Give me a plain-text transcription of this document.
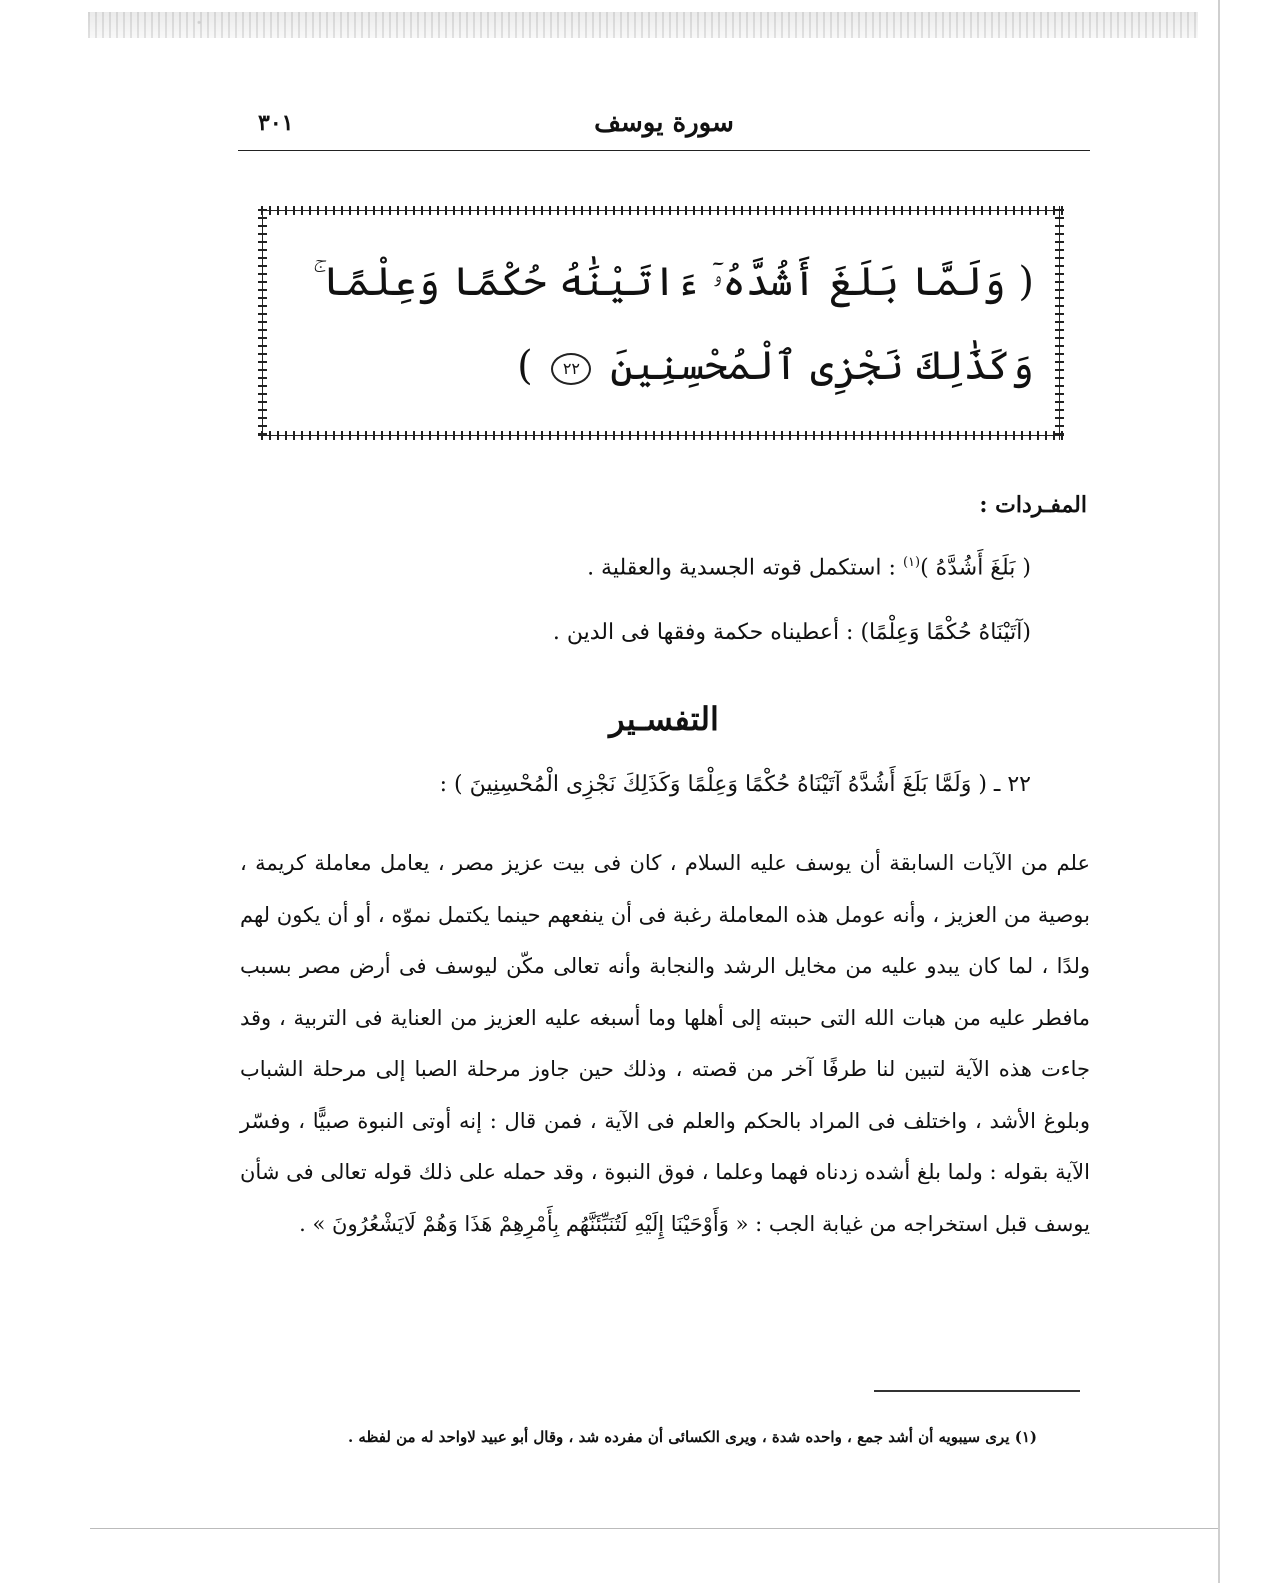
٣٠١	سورة يوسف
( وَلَمَّا بَلَغَ أَشُدَّهُۥٓ ءَاتَيْنَٰهُ حُكْمًا وَعِلْمًا ۚ وَكَذَٰلِكَ نَجْزِى ٱلْمُحْسِنِينَ ٢٢ )
المفـردات :
( بَلَغَ أَشُدَّهُ )$^{(١)}$ : استكمل قوته الجسدية والعقلية .
(آتَيْنَاهُ حُكْمًا وَعِلْمًا) : أعطيناه حكمة وفقها فى الدين .
التفسـير
٢٢ ـ ( وَلَمَّا بَلَغَ أَشُدَّهُ آتَيْنَاهُ حُكْمًا وَعِلْمًا وَكَذَلِكَ نَجْزِى الْمُحْسِنِينَ ) :
علم من الآيات السابقة أن يوسف عليه السلام ، كان فى بيت عزيز مصر ، يعامل معاملة كريمة ، بوصية من العزيز ، وأنه عومل هذه المعاملة رغبة فى أن ينفعهم حينما يكتمل نموّه ، أو أن يكون لهم ولدًا ، لما كان يبدو عليه من مخايل الرشد والنجابة وأنه تعالى مكّن ليوسف فى أرض مصر بسبب مافطر عليه من هبات الله التى حببته إلى أهلها وما أسبغه عليه العزيز من العناية فى التربية ، وقد جاءت هذه الآية لتبين لنا طرفًا آخر من قصته ، وذلك حين جاوز مرحلة الصبا إلى مرحلة الشباب وبلوغ الأشد ، واختلف فى المراد بالحكم والعلم فى الآية ، فمن قال : إنه أوتى النبوة صبيًّا ، وفسّر الآية بقوله : ولما بلغ أشده زدناه فهما وعلما ، فوق النبوة ، وقد حمله على ذلك قوله تعالى فى شأن يوسف قبل استخراجه من غيابة الجب : « وَأَوْحَيْنَا إِلَيْهِ لَتُنَبِّئَنَّهُم بِأَمْرِهِمْ هَذَا وَهُمْ لَايَشْعُرُونَ » .
(١) يرى سيبويه أن أشد جمع ، واحده شدة ، ويرى الكسائى أن مفرده شد ، وقال أبو عبيد لاواحد له من لفظه .
